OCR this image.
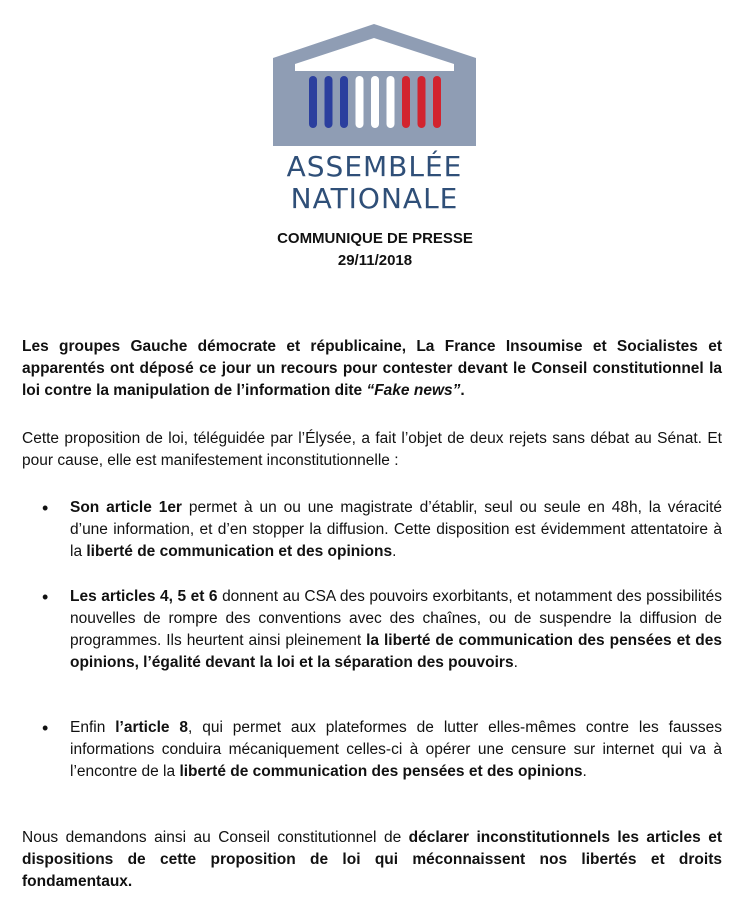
ASSEMBLÉE
NATIONALE
COMMUNIQUE DE PRESSE
29/11/2018
Les groupes Gauche démocrate et républicaine, La France Insoumise et Socialistes et apparentés ont déposé ce jour un recours pour contester devant le Conseil constitutionnel la loi contre la manipulation de l’information dite “Fake news”.
Cette proposition de loi, téléguidée par l’Élysée, a fait l’objet de deux rejets sans débat au Sénat. Et pour cause, elle est manifestement inconstitutionnelle :
• Son article 1er permet à un ou une magistrate d’établir, seul ou seule en 48h, la véracité d’une information, et d’en stopper la diffusion. Cette disposition est évidemment attentatoire à la liberté de communication et des opinions.
• Les articles 4, 5 et 6 donnent au CSA des pouvoirs exorbitants, et notamment des possibilités nouvelles de rompre des conventions avec des chaînes, ou de suspendre la diffusion de programmes. Ils heurtent ainsi pleinement la liberté de communication des pensées et des opinions, l’égalité devant la loi et la séparation des pouvoirs.
• Enfin l’article 8, qui permet aux plateformes de lutter elles-mêmes contre les fausses informations conduira mécaniquement celles-ci à opérer une censure sur internet qui va à l’encontre de la liberté de communication des pensées et des opinions.
Nous demandons ainsi au Conseil constitutionnel de déclarer inconstitutionnels les articles et dispositions de cette proposition de loi qui méconnaissent nos libertés et droits fondamentaux.
